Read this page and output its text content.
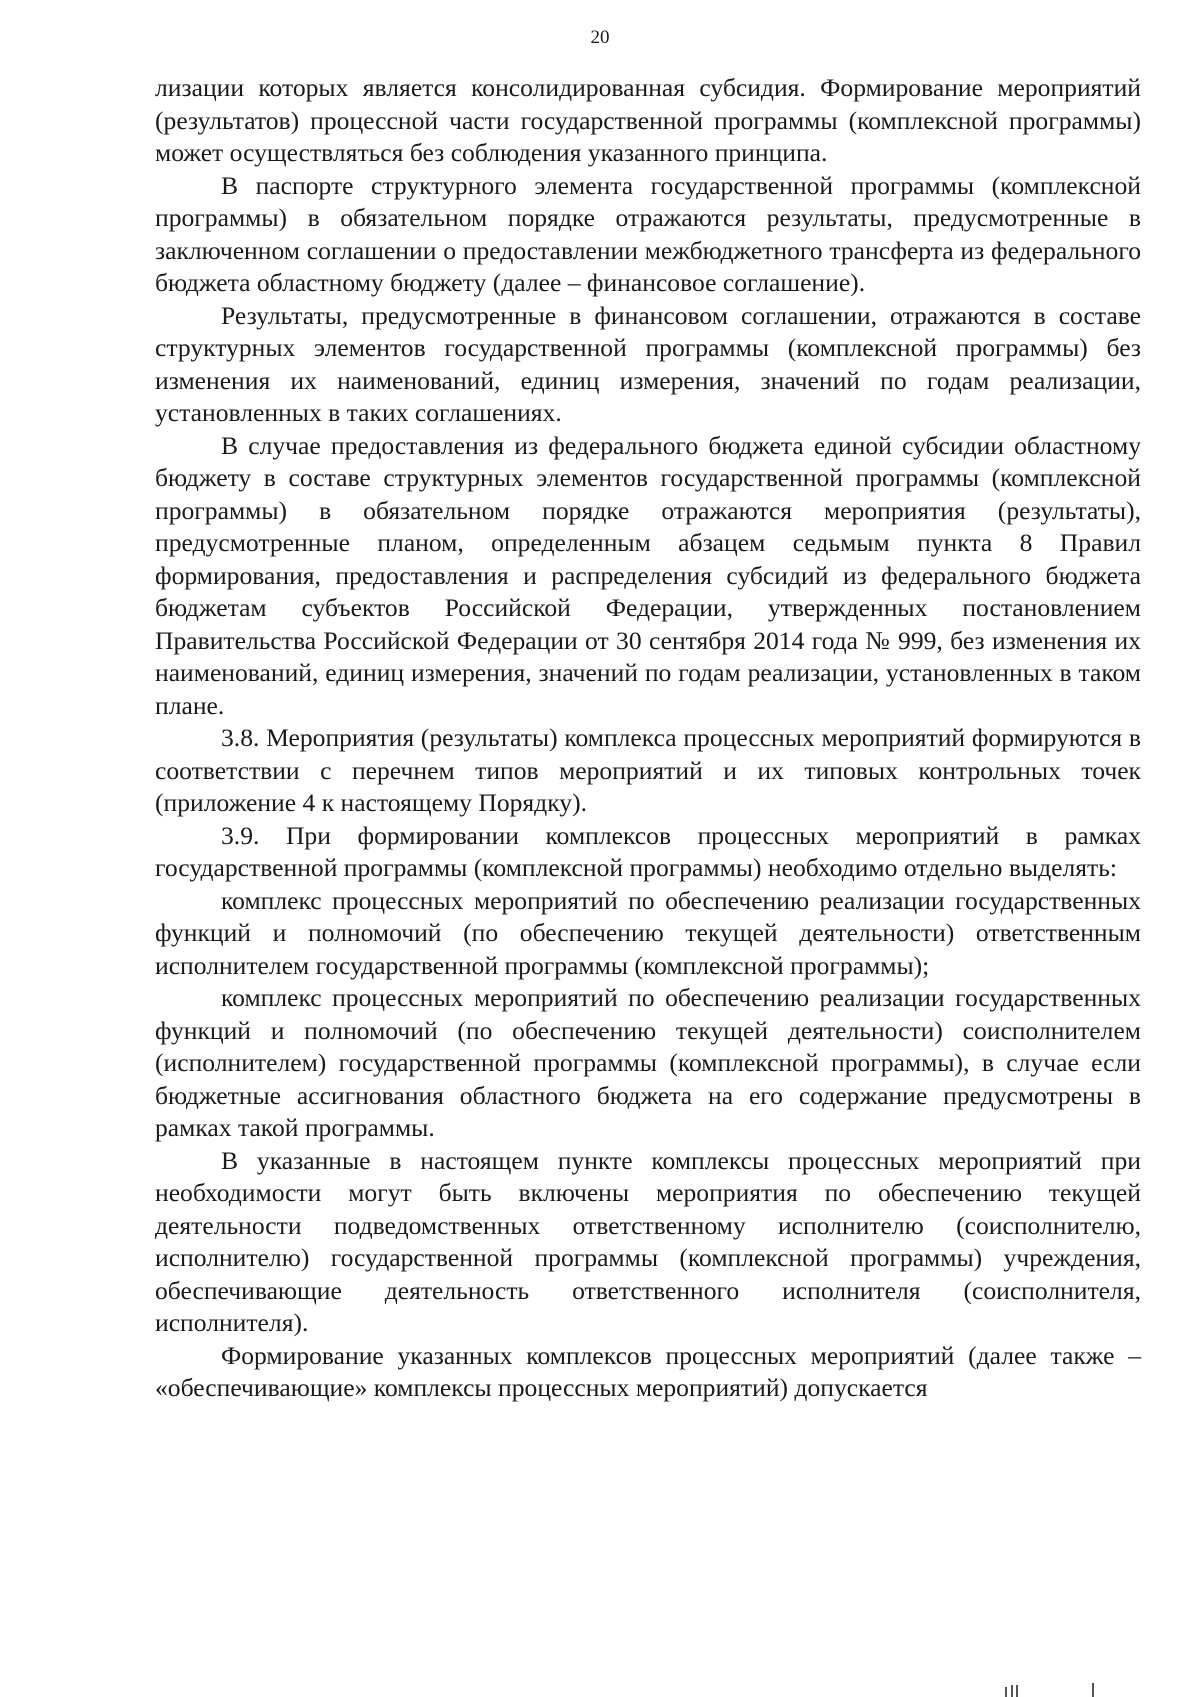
20

лизации которых является консолидированная субсидия. Формирование мероприятий (результатов) процессной части государственной программы (комплексной программы) может осуществляться без соблюдения указанного принципа.

В паспорте структурного элемента государственной программы (комплексной программы) в обязательном порядке отражаются результаты, предусмотренные в заключенном соглашении о предоставлении межбюджетного трансферта из федерального бюджета областному бюджету (далее – финансовое соглашение).

Результаты, предусмотренные в финансовом соглашении, отражаются в составе структурных элементов государственной программы (комплексной программы) без изменения их наименований, единиц измерения, значений по годам реализации, установленных в таких соглашениях.

В случае предоставления из федерального бюджета единой субсидии областному бюджету в составе структурных элементов государственной программы (комплексной программы) в обязательном порядке отражаются мероприятия (результаты), предусмотренные планом, определенным абзацем седьмым пункта 8 Правил формирования, предоставления и распределения субсидий из федерального бюджета бюджетам субъектов Российской Федерации, утвержденных постановлением Правительства Российской Федерации от 30 сентября 2014 года № 999, без изменения их наименований, единиц измерения, значений по годам реализации, установленных в таком плане.

3.8. Мероприятия (результаты) комплекса процессных мероприятий формируются в соответствии с перечнем типов мероприятий и их типовых контрольных точек (приложение 4 к настоящему Порядку).

3.9. При формировании комплексов процессных мероприятий в рамках государственной программы (комплексной программы) необходимо отдельно выделять:

комплекс процессных мероприятий по обеспечению реализации государственных функций и полномочий (по обеспечению текущей деятельности) ответственным исполнителем государственной программы (комплексной программы);

комплекс процессных мероприятий по обеспечению реализации государственных функций и полномочий (по обеспечению текущей деятельности) соисполнителем (исполнителем) государственной программы (комплексной программы), в случае если бюджетные ассигнования областного бюджета на его содержание предусмотрены в рамках такой программы.

В указанные в настоящем пункте комплексы процессных мероприятий при необходимости могут быть включены мероприятия по обеспечению текущей деятельности подведомственных ответственному исполнителю (соисполнителю, исполнителю) государственной программы (комплексной программы) учреждения, обеспечивающие деятельность ответственного исполнителя (соисполнителя, исполнителя).

Формирование указанных комплексов процессных мероприятий (далее также – «обеспечивающие» комплексы процессных мероприятий) допускается
